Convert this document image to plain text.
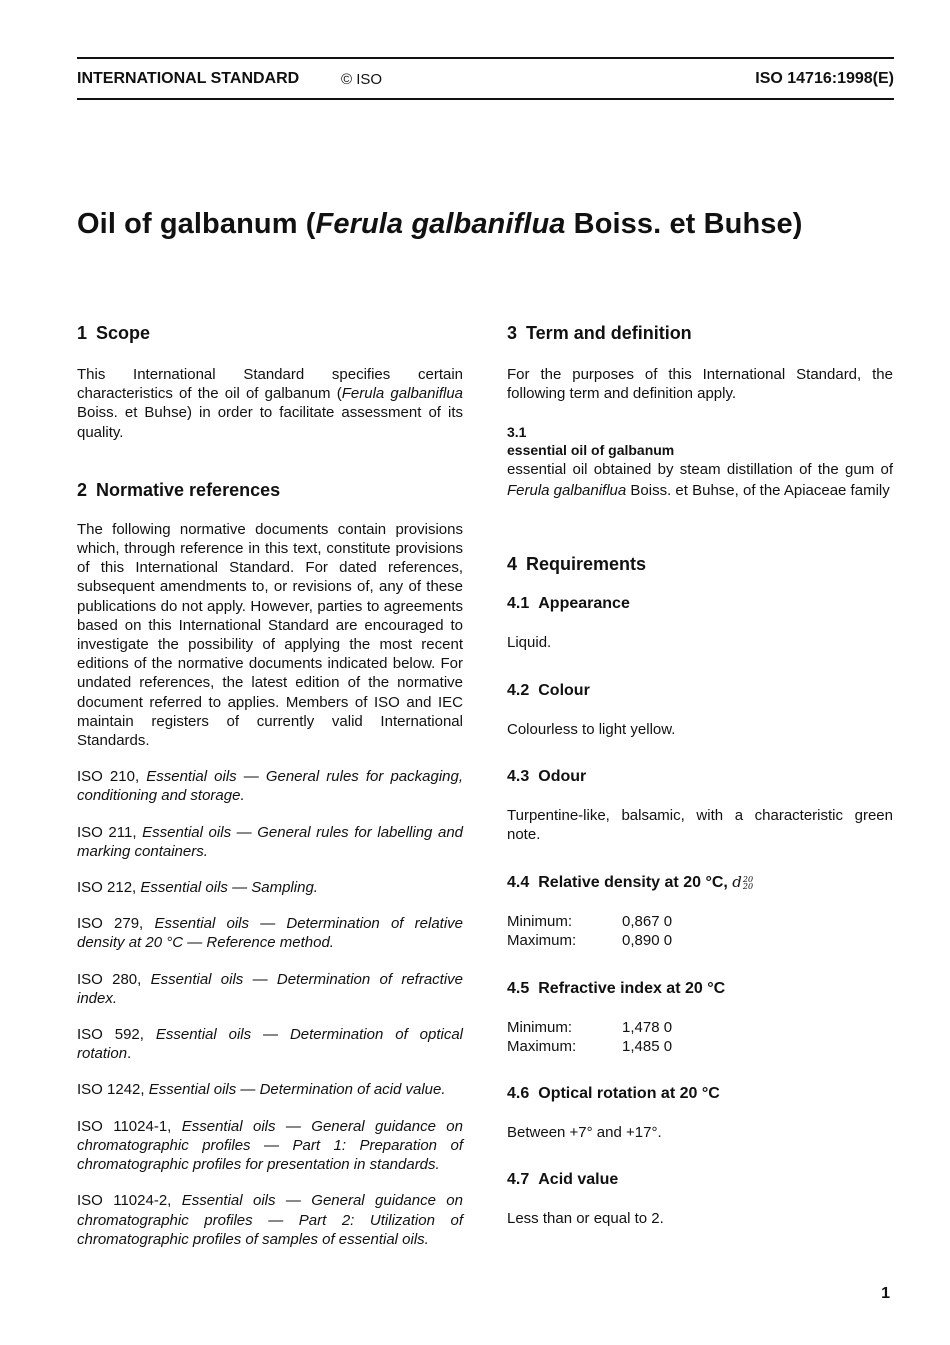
INTERNATIONAL STANDARD	© ISO	ISO 14716:1998(E)
Oil of galbanum (Ferula galbaniflua Boiss. et Buhse)
1 Scope

This International Standard specifies certain characteristics of the oil of galbanum (Ferula galbaniflua Boiss. et Buhse) in order to facilitate assessment of its quality.

2 Normative references

The following normative documents contain provisions which, through reference in this text, constitute provisions of this International Standard. For dated references, subsequent amendments to, or revisions of, any of these publications do not apply. However, parties to agreements based on this International Standard are encouraged to investigate the possibility of applying the most recent editions of the normative documents indicated below. For undated references, the latest edition of the normative document referred to applies. Members of ISO and IEC maintain registers of currently valid International Standards.

ISO 210, Essential oils — General rules for packaging, conditioning and storage.

ISO 211, Essential oils — General rules for labelling and marking containers.

ISO 212, Essential oils — Sampling.

ISO 279, Essential oils — Determination of relative density at 20 °C — Reference method.

ISO 280, Essential oils — Determination of refractive index.

ISO 592, Essential oils — Determination of optical rotation.

ISO 1242, Essential oils — Determination of acid value.

ISO 11024-1, Essential oils — General guidance on chromatographic profiles — Part 1: Preparation of chromatographic profiles for presentation in standards.

ISO 11024-2, Essential oils — General guidance on chromatographic profiles — Part 2: Utilization of chromatographic profiles of samples of essential oils.

3 Term and definition

For the purposes of this International Standard, the following term and definition apply.

3.1
essential oil of galbanum

essential oil obtained by steam distillation of the gum of Ferula galbaniflua Boiss. et Buhse, of the Apiaceae family

4 Requirements
4.1 Appearance

Liquid.

4.2 Colour

Colourless to light yellow.

4.3 Odour

Turpentine-like, balsamic, with a characteristic green note.

4.4 Relative density at 20 °C, d 20
20
Minimum:	0,867 0
Maximum:	0,890 0
4.5 Refractive index at 20 °C
Minimum:	1,478 0
Maximum:	1,485 0
4.6 Optical rotation at 20 °C

Between +7° and +17°.

4.7 Acid value

Less than or equal to 2.

1
